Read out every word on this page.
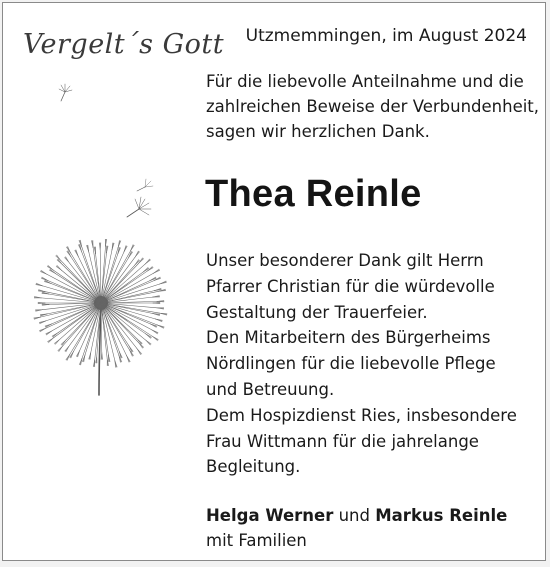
Vergelt´s Gott	Utzmemmingen, im August 2024
Für die liebevolle Anteilnahme und die
zahlreichen Beweise der Verbundenheit,
sagen wir herzlichen Dank.
Thea Reinle
Unser besonderer Dank gilt Herrn
Pfarrer Christian für die würdevolle
Gestaltung der Trauerfeier.
Den Mitarbeitern des Bürgerheims
Nördlingen für die liebevolle Pflege
und Betreuung.
Dem Hospizdienst Ries, insbesondere
Frau Wittmann für die jahrelange
Begleitung.
Helga Werner und Markus Reinle
mit Familien
